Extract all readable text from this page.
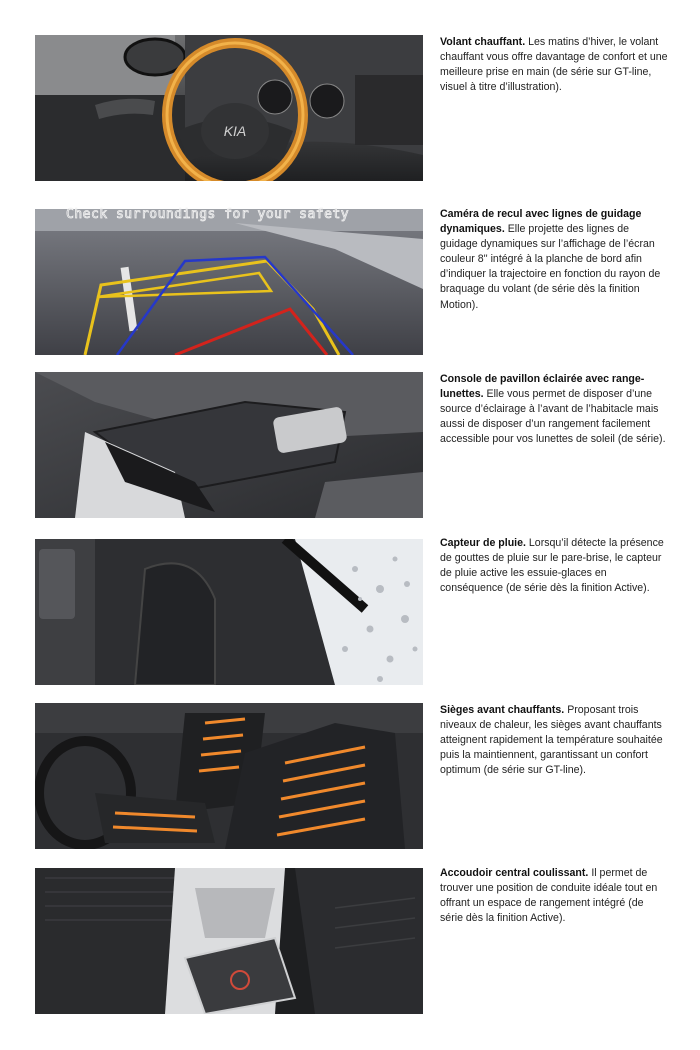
KIA
Volant chauffant. Les matins d’hiver, le volant chauffant vous offre davantage de confort et une meilleure prise en main (de série sur GT-line, visuel à titre d’illustration).
Check surroundings for your safety	Caméra de recul avec lignes de guidage dynamiques. Elle projette des lignes de guidage dynamiques sur l’affichage de l’écran couleur 8'' intégré à la planche de bord afin d’indiquer la trajectoire en fonction du rayon de braquage du volant (de série dès la finition Motion).
Console de pavillon éclairée avec range-lunettes. Elle vous permet de disposer d’une source d’éclairage à l’avant de l’habitacle mais aussi de disposer d’un rangement facilement accessible pour vos lunettes de soleil (de série).
Capteur de pluie. Lorsqu’il détecte la présence de gouttes de pluie sur le pare-brise, le capteur de pluie active les essuie-glaces en conséquence (de série dès la finition Active).
Sièges avant chauffants. Proposant trois niveaux de chaleur, les sièges avant chauffants atteignent rapidement la température souhaitée puis la maintiennent, garantissant un confort optimum (de série sur GT-line).
Accoudoir central coulissant. Il permet de trouver une position de conduite idéale tout en offrant un espace de rangement intégré (de série dès la finition Active).
